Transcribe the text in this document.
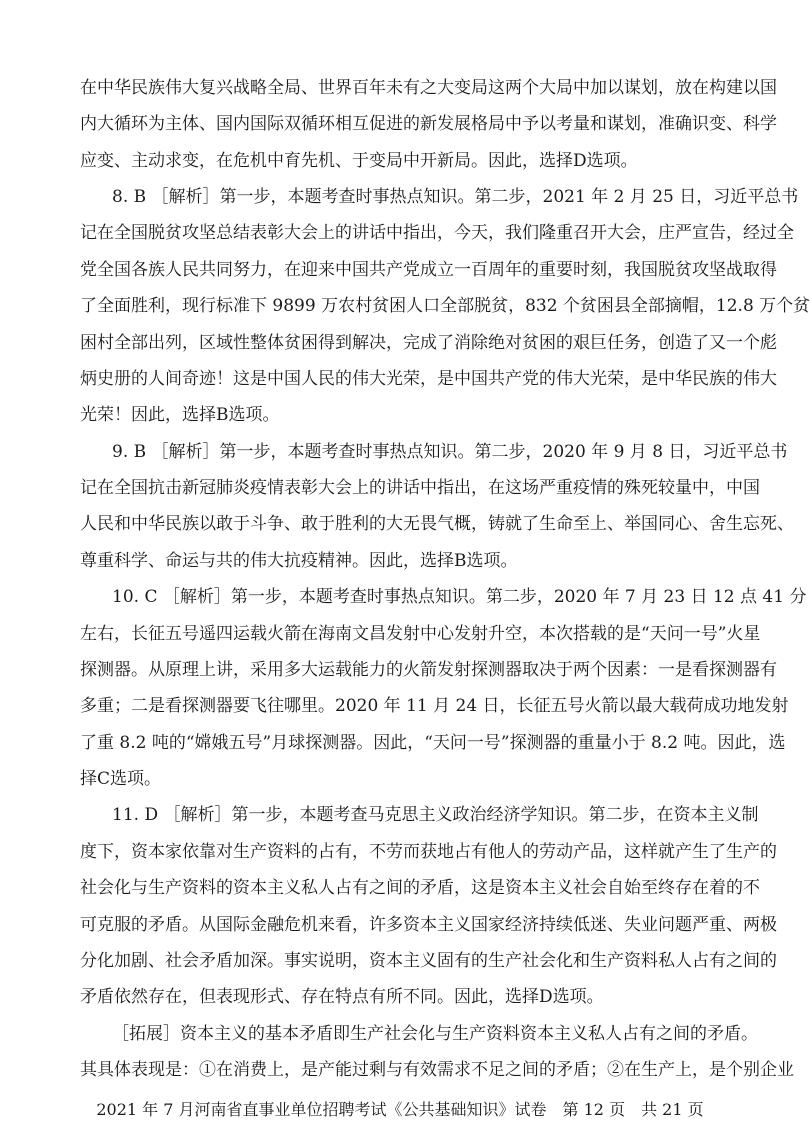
在中华民族伟大复兴战略全局、世界百年未有之大变局这两个大局中加以谋划，放在构建以国
内大循环为主体、国内国际双循环相互促进的新发展格局中予以考量和谋划，准确识变、科学
应变、主动求变，在危机中育先机、于变局中开新局。因此，选择D选项。
8. B ［解析］第一步，本题考查时事热点知识。第二步，2021 年 2 月 25 日，习近平总书
记在全国脱贫攻坚总结表彰大会上的讲话中指出，今天，我们隆重召开大会，庄严宣告，经过全
党全国各族人民共同努力，在迎来中国共产党成立一百周年的重要时刻，我国脱贫攻坚战取得
了全面胜利，现行标准下 9899 万农村贫困人口全部脱贫，832 个贫困县全部摘帽，12.8 万个贫
困村全部出列，区域性整体贫困得到解决，完成了消除绝对贫困的艰巨任务，创造了又一个彪
炳史册的人间奇迹！这是中国人民的伟大光荣，是中国共产党的伟大光荣，是中华民族的伟大
光荣！因此，选择B选项。
9. B ［解析］第一步，本题考查时事热点知识。第二步，2020 年 9 月 8 日，习近平总书
记在全国抗击新冠肺炎疫情表彰大会上的讲话中指出，在这场严重疫情的殊死较量中，中国
人民和中华民族以敢于斗争、敢于胜利的大无畏气概，铸就了生命至上、举国同心、舍生忘死、
尊重科学、命运与共的伟大抗疫精神。因此，选择B选项。
10. C ［解析］第一步，本题考查时事热点知识。第二步，2020 年 7 月 23 日 12 点 41 分
左右，长征五号遥四运载火箭在海南文昌发射中心发射升空，本次搭载的是“天问一号”火星
探测器。从原理上讲，采用多大运载能力的火箭发射探测器取决于两个因素：一是看探测器有
多重；二是看探测器要飞往哪里。2020 年 11 月 24 日，长征五号火箭以最大载荷成功地发射
了重 8.2 吨的“嫦娥五号”月球探测器。因此，“天问一号”探测器的重量小于 8.2 吨。因此，选
择C选项。
11. D ［解析］第一步，本题考查马克思主义政治经济学知识。第二步，在资本主义制
度下，资本家依靠对生产资料的占有，不劳而获地占有他人的劳动产品，这样就产生了生产的
社会化与生产资料的资本主义私人占有之间的矛盾，这是资本主义社会自始至终存在着的不
可克服的矛盾。从国际金融危机来看，许多资本主义国家经济持续低迷、失业问题严重、两极
分化加剧、社会矛盾加深。事实说明，资本主义固有的生产社会化和生产资料私人占有之间的
矛盾依然存在，但表现形式、存在特点有所不同。因此，选择D选项。
［拓展］资本主义的基本矛盾即生产社会化与生产资料资本主义私人占有之间的矛盾。
其具体表现是：①在消费上，是产能过剩与有效需求不足之间的矛盾；②在生产上，是个别企业
2021 年 7 月河南省直事业单位招聘考试《公共基础知识》试卷　第 12 页　共 21 页
